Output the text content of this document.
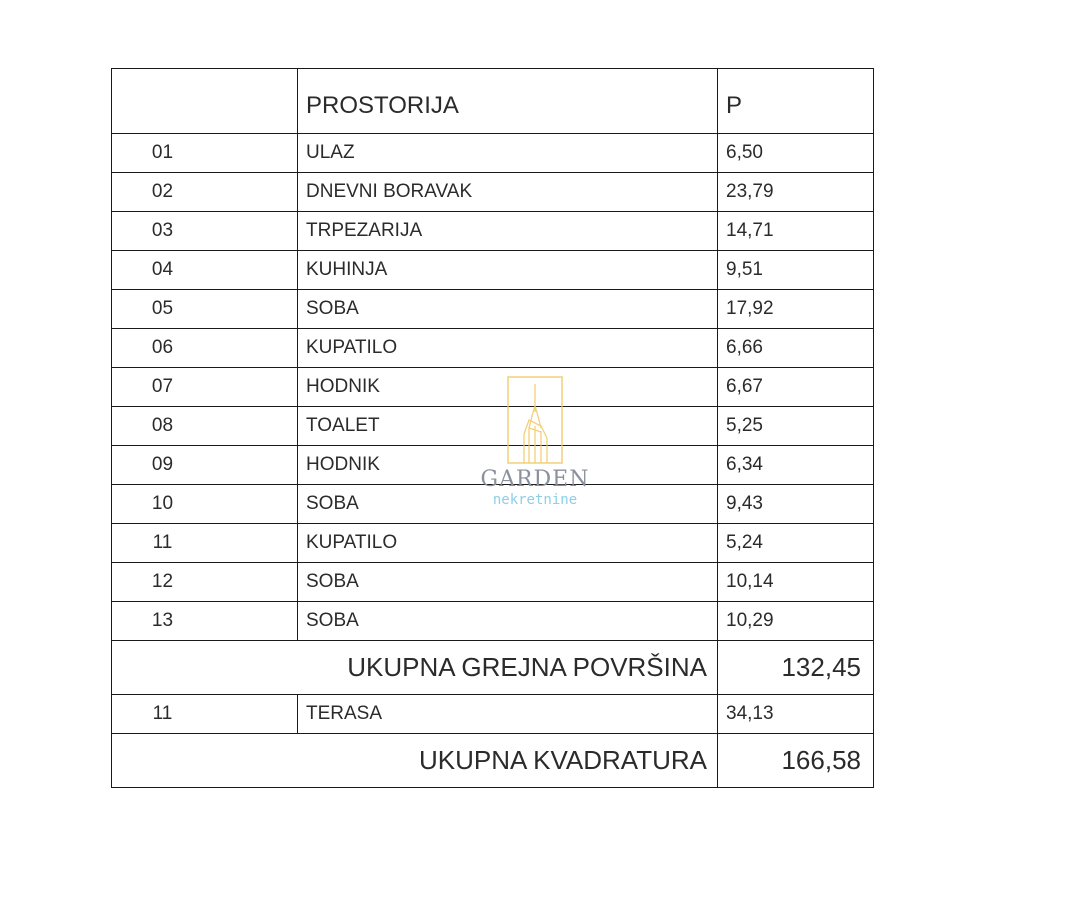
	PROSTORIJA	P
01	ULAZ	6,50
02	DNEVNI BORAVAK	23,79
03	TRPEZARIJA	14,71
04	KUHINJA	9,51
05	SOBA	17,92
06	KUPATILO	6,66
07	HODNIK	6,67
08	TOALET	5,25
09	HODNIK	6,34
10	SOBA	9,43
11	KUPATILO	5,24
12	SOBA	10,14
13	SOBA	10,29
UKUPNA GREJNA POVRŠINA		132,45
11	TERASA	34,13
UKUPNA KVADRATURA		166,58
GARDEN
nekretnine
